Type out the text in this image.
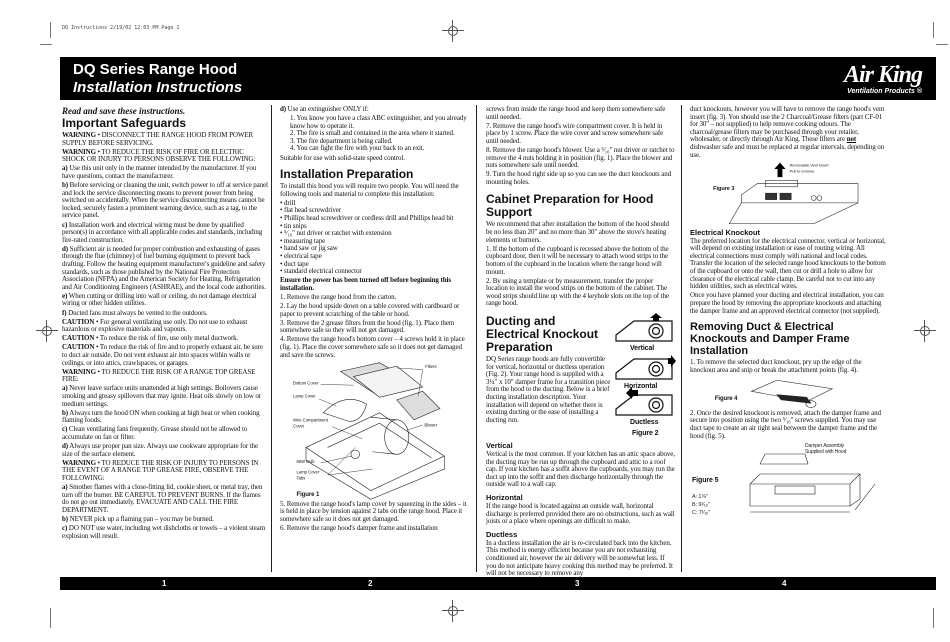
DQ Instructions 2/19/02 12:03 PM Page 1
DQ Series Range Hood
Installation Instructions	Air King
Ventilation Products ®
Read and save these instructions.
Important Safeguards

WARNING • DISCONNECT THE RANGE HOOD FROM POWER SUPPLY BEFORE SERVICING.

WARNING • TO REDUCE THE RISK OF FIRE OR ELECTRIC SHOCK OR INJURY TO PERSONS OBSERVE THE FOLLOWING:

a) Use this unit only in the manner intended by the manufacturer. If you have questions, contact the manufacturer.

b) Before servicing or cleaning the unit, switch power to off at service panel and lock the service disconnecting means to prevent power from being switched on accidentally. When the service disconnecting means cannot be locked, securely fasten a prominent warning device, such as a tag, to the service panel.

c) Installation work and electrical wiring must be done by qualified person(s) in accordance with all applicable codes and standards, including fire-rated construction.

d) Sufficient air is needed for proper combustion and exhausting of gases through the flue (chimney) of fuel burning equipment to prevent back drafting. Follow the heating equipment manufacturer's guideline and safety standards, such as those published by the National Fire Protection Association (NFPA) and the American Society for Heating, Refrigeration and Air Conditioning Engineers (ASHRAE), and the local code authorities.

e) When cutting or drilling into wall or ceiling, do not damage electrical wiring or other hidden utilities.

f) Ducted fans must always be vented to the outdoors.

CAUTION • For general ventilating use only. Do not use to exhaust hazardous or explosive materials and vapours.

CAUTION • To reduce the risk of fire, use only metal ductwork.

CAUTION • To reduce the risk of fire and to properly exhaust air, be sure to duct air outside. Do not vent exhaust air into spaces within walls or ceilings, or into attics, crawlspaces, or garages.

WARNING • TO REDUCE THE RISK OF A RANGE TOP GREASE FIRE:

a) Never leave surface units unattended at high settings. Boilovers cause smoking and greasy spillovers that may ignite. Heat oils slowly on low or medium settings.

b) Always turn the hood ON when cooking at high heat or when cooking flaming foods.

c) Clean ventilating fans frequently. Grease should not be allowed to accumulate on fan or filter.

d) Always use proper pan size. Always use cookware appropriate for the size of the surface element.

WARNING • TO REDUCE THE RISK OF INJURY TO PERSONS IN THE EVENT OF A RANGE TOP GREASE FIRE, OBSERVE THE FOLLOWING:

a) Smother flames with a close-fitting lid, cookie sheet, or metal tray, then turn off the burner. BE CAREFUL TO PREVENT BURNS. If the flames do not go out immediately, EVACUATE AND CALL THE FIRE DEPARTMENT.

b) NEVER pick up a flaming pan – you may be burned.

c) DO NOT use water, including wet dishcloths or towels – a violent steam explosion will result.

d) Use an extinguisher ONLY if:

1. You know you have a class ABC extinguisher, and you already know how to operate it.
2. The fire is small and contained in the area where it started.
3. The fire department is being called.
4. You can fight the fire with your back to an exit.

Suitable for use with solid-state speed control.

Installation Preparation

To install this hood you will require two people. You will need the following tools and material to complete this installation:

• drill
• flat head screwdriver
• Phillips head screwdriver or cordless drill and Phillips head bit
• tin snips
• ⁵⁄₁₆" nut driver or ratchet with extension
• measuring tape
• hand saw or jig saw
• electrical tape
• duct tape
• standard electrical connector

Ensure the power has been turned off before beginning this installation.

1. Remove the range hood from the carton.

2. Lay the hood upside down on a table covered with cardboard or paper to prevent scratching of the table or hood.

3. Remove the 2 grease filters from the hood (fig. 1). Place them somewhere safe so they will not get damaged.

4. Remove the range hood's bottom cover – 4 screws hold it in place (fig. 1). Place the cover somewhere safe so it does not get damaged and save the screws.

Filters
Bottom Cover
Lamp Cover
Wire Compartment
Cover	Blower
60W Bulb
Lamp Cover
Tabs
Figure 1

5. Remove the range hood's lamp cover by squeezing in the sides – it is held in place by tension against 2 tabs on the range hood. Place it somewhere safe so it does not get damaged.

6. Remove the range hood's damper frame and installation

screws from inside the range hood and keep them somewhere safe until needed.

7. Remove the range hood's wire compartment cover. It is held in place by 1 screw. Place the wire cover and screw somewhere safe until needed.

8. Remove the range hood's blower. Use a ⁵⁄₁₆" nut driver or ratchet to remove the 4 nuts holding it in position (fig. 1). Place the blower and nuts somewhere safe until needed.

9. Turn the hood right side up so you can see the duct knockouts and mounting holes.

Cabinet Preparation for Hood Support

We recommend that after installation the bottom of the hood should be no less than 20" and no more than 30" above the stove's heating elements or burners.

1. If the bottom of the cupboard is recessed above the bottom of the cupboard door, then it will be necessary to attach wood strips to the bottom of the cupboard in the location where the range hood will mount.

2. By using a template or by measurement, transfer the proper location to install the wood strips on the bottom of the cabinet. The wood strips should line up with the 4 keyhole slots on the top of the range hood.

Ducting and Electrical Knockout Preparation

DQ Series range hoods are fully convertible for vertical, horizontal or ductless operation (Fig. 2). Your range hood is supplied with a 3¼" x 10" damper frame for a transition piece from the hood to the ducting. Below is a brief ducting installation description. Your installation will depend on whether there is existing ducting or the ease of installing a ducting run.

Vertical
Horizontal
Ductless
Figure 2
Vertical

Vertical is the most common. If your kitchen has an attic space above, the ducting may be run up through the cupboard and attic to a roof cap. If your kitchen has a soffit above the cupboards, you may run the duct up into the soffit and then discharge horizontally through the outside wall to a wall cap.

Horizontal

If the range hood is located against an outside wall, horizontal discharge is preferred provided there are no obstructions, such as wall joists or a place where openings are difficult to make.

Ductless

In a ductless installation the air is re-circulated back into the kitchen. This method is energy efficient because you are not exhausting conditioned air, however the air delivery will be somewhat less. If you do not anticipate heavy cooking this method may be preferred. It will not be necessary to remove any

duct knockouts, however you will have to remove the range hood's vent insert (fig. 3). You should use the 2 Charcoal/Grease filters (part CF-01 for 30" – not supplied) to help remove cooking odours. The charcoal/grease filters may be purchased through your retailer, wholesaler, or directly through Air King. These filters are not dishwasher safe and must be replaced at regular intervals, depending on use.

Removable Vent Insert
Pull to remove.
Figure 3
Electrical Knockout

The preferred location for the electrical connector, vertical or horizontal, will depend on existing installation or ease of routing wiring. All electrical connections must comply with national and local codes. Transfer the location of the selected range hood knockouts to the bottom of the cupboard or onto the wall, then cut or drill a hole to allow for clearance of the electrical cable clamp. Be careful not to cut into any hidden utilities, such as electrical wires.

Once you have planned your ducting and electrical installation, you can prepare the hood by removing the appropriate knockouts and attaching the damper frame and an approved electrical connector (not supplied).

Removing Duct & Electrical Knockouts and Damper Frame Installation

1. To remove the selected duct knockout, pry up the edge of the knockout area and snip or break the attachment points (fig. 4).

Figure 4

2. Once the desired knockout is removed, attach the damper frame and secure into position using the two ⁵⁄₁₆" screws supplied. You may use duct tape to create an air tight seal between the damper frame and the hood (fig. 5).

Damper Assembly
Supplied with Hood
Figure 5
A: 1⅞"
B: 9¹⁄₁₆"
C: 7¹⁄₁₆"
1	2	3	4
